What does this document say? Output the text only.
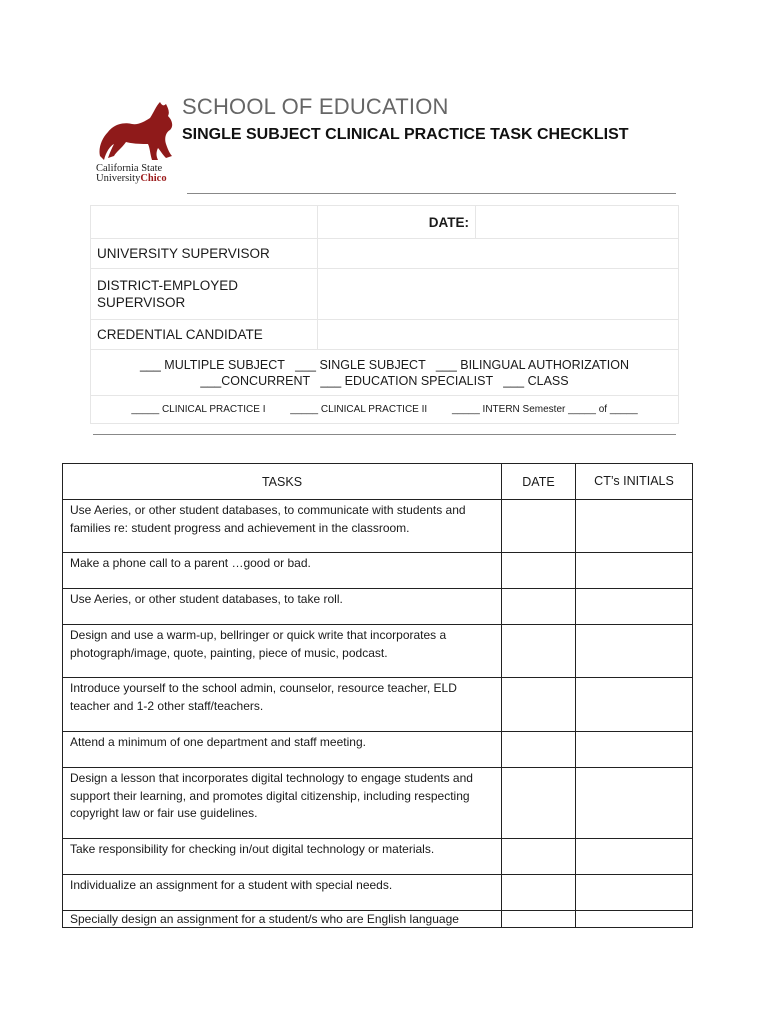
California State
UniversityChico
SCHOOL OF EDUCATION
SINGLE SUBJECT CLINICAL PRACTICE TASK CHECKLIST
	DATE:	
UNIVERSITY SUPERVISOR		
DISTRICT-EMPLOYED SUPERVISOR		
CREDENTIAL CANDIDATE		

___ MULTIPLE SUBJECT   ___ SINGLE SUBJECT   ___ BILINGUAL AUTHORIZATION
___CONCURRENT   ___ EDUCATION SPECIALIST   ___ CLASS		

_____ CLINICAL PRACTICE I _____ CLINICAL PRACTICE II _____ INTERN Semester _____ of _____		
TASKS	DATE	CT’s INITIALS
Use Aeries, or other student databases, to communicate with students and families re: student progress and achievement in the classroom.		
Make a phone call to a parent …good or bad.		
Use Aeries, or other student databases, to take roll.		
Design and use a warm-up, bellringer or quick write that incorporates a photograph/image, quote, painting, piece of music, podcast.		
Introduce yourself to the school admin, counselor, resource teacher, ELD teacher and 1-2 other staff/teachers.		
Attend a minimum of one department and staff meeting.		
Design a lesson that incorporates digital technology to engage students and support their learning, and promotes digital citizenship, including respecting copyright law or fair use guidelines.		
Take responsibility for checking in/out digital technology or materials.		
Individualize an assignment for a student with special needs.		
Specially design an assignment for a student/s who are English language		
